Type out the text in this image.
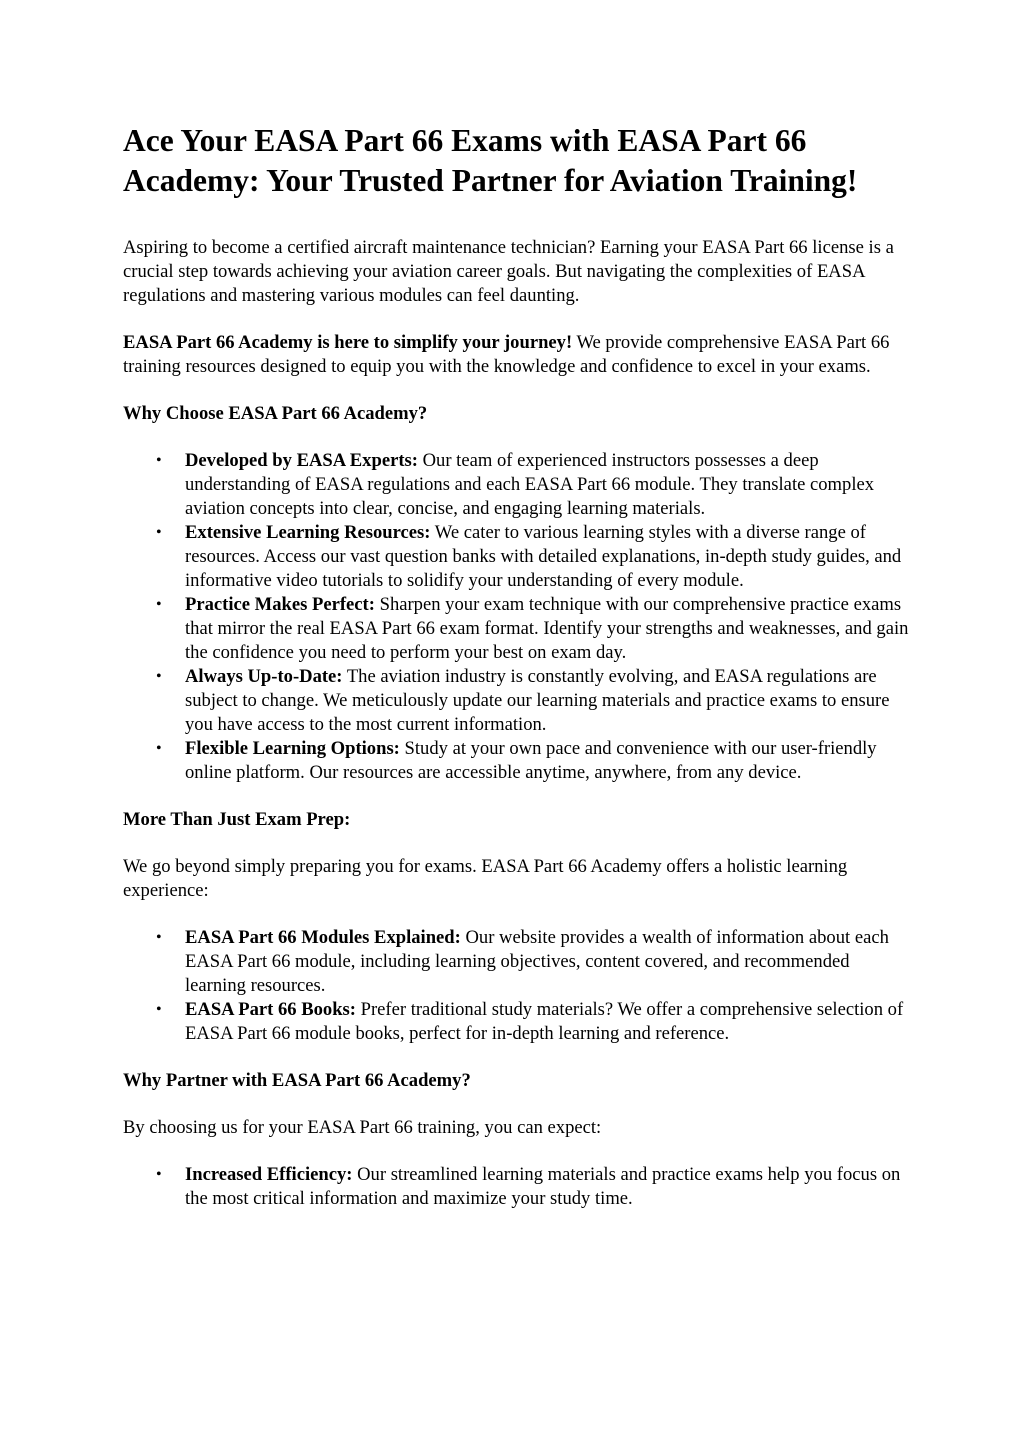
Ace Your EASA Part 66 Exams with EASA Part 66 Academy: Your Trusted Partner for Aviation Training!

Aspiring to become a certified aircraft maintenance technician? Earning your EASA Part 66 license is a crucial step towards achieving your aviation career goals. But navigating the complexities of EASA regulations and mastering various modules can feel daunting.

EASA Part 66 Academy is here to simplify your journey! We provide comprehensive EASA Part 66 training resources designed to equip you with the knowledge and confidence to excel in your exams.

Why Choose EASA Part 66 Academy?

• Developed by EASA Experts: Our team of experienced instructors possesses a deep understanding of EASA regulations and each EASA Part 66 module. They translate complex aviation concepts into clear, concise, and engaging learning materials.
• Extensive Learning Resources: We cater to various learning styles with a diverse range of resources. Access our vast question banks with detailed explanations, in-depth study guides, and informative video tutorials to solidify your understanding of every module.
• Practice Makes Perfect: Sharpen your exam technique with our comprehensive practice exams that mirror the real EASA Part 66 exam format. Identify your strengths and weaknesses, and gain the confidence you need to perform your best on exam day.
• Always Up-to-Date: The aviation industry is constantly evolving, and EASA regulations are subject to change. We meticulously update our learning materials and practice exams to ensure you have access to the most current information.
• Flexible Learning Options: Study at your own pace and convenience with our user-friendly online platform. Our resources are accessible anytime, anywhere, from any device.

More Than Just Exam Prep:

We go beyond simply preparing you for exams. EASA Part 66 Academy offers a holistic learning experience:

• EASA Part 66 Modules Explained: Our website provides a wealth of information about each EASA Part 66 module, including learning objectives, content covered, and recommended learning resources.
• EASA Part 66 Books: Prefer traditional study materials? We offer a comprehensive selection of EASA Part 66 module books, perfect for in-depth learning and reference.

Why Partner with EASA Part 66 Academy?

By choosing us for your EASA Part 66 training, you can expect:

• Increased Efficiency: Our streamlined learning materials and practice exams help you focus on the most critical information and maximize your study time.
